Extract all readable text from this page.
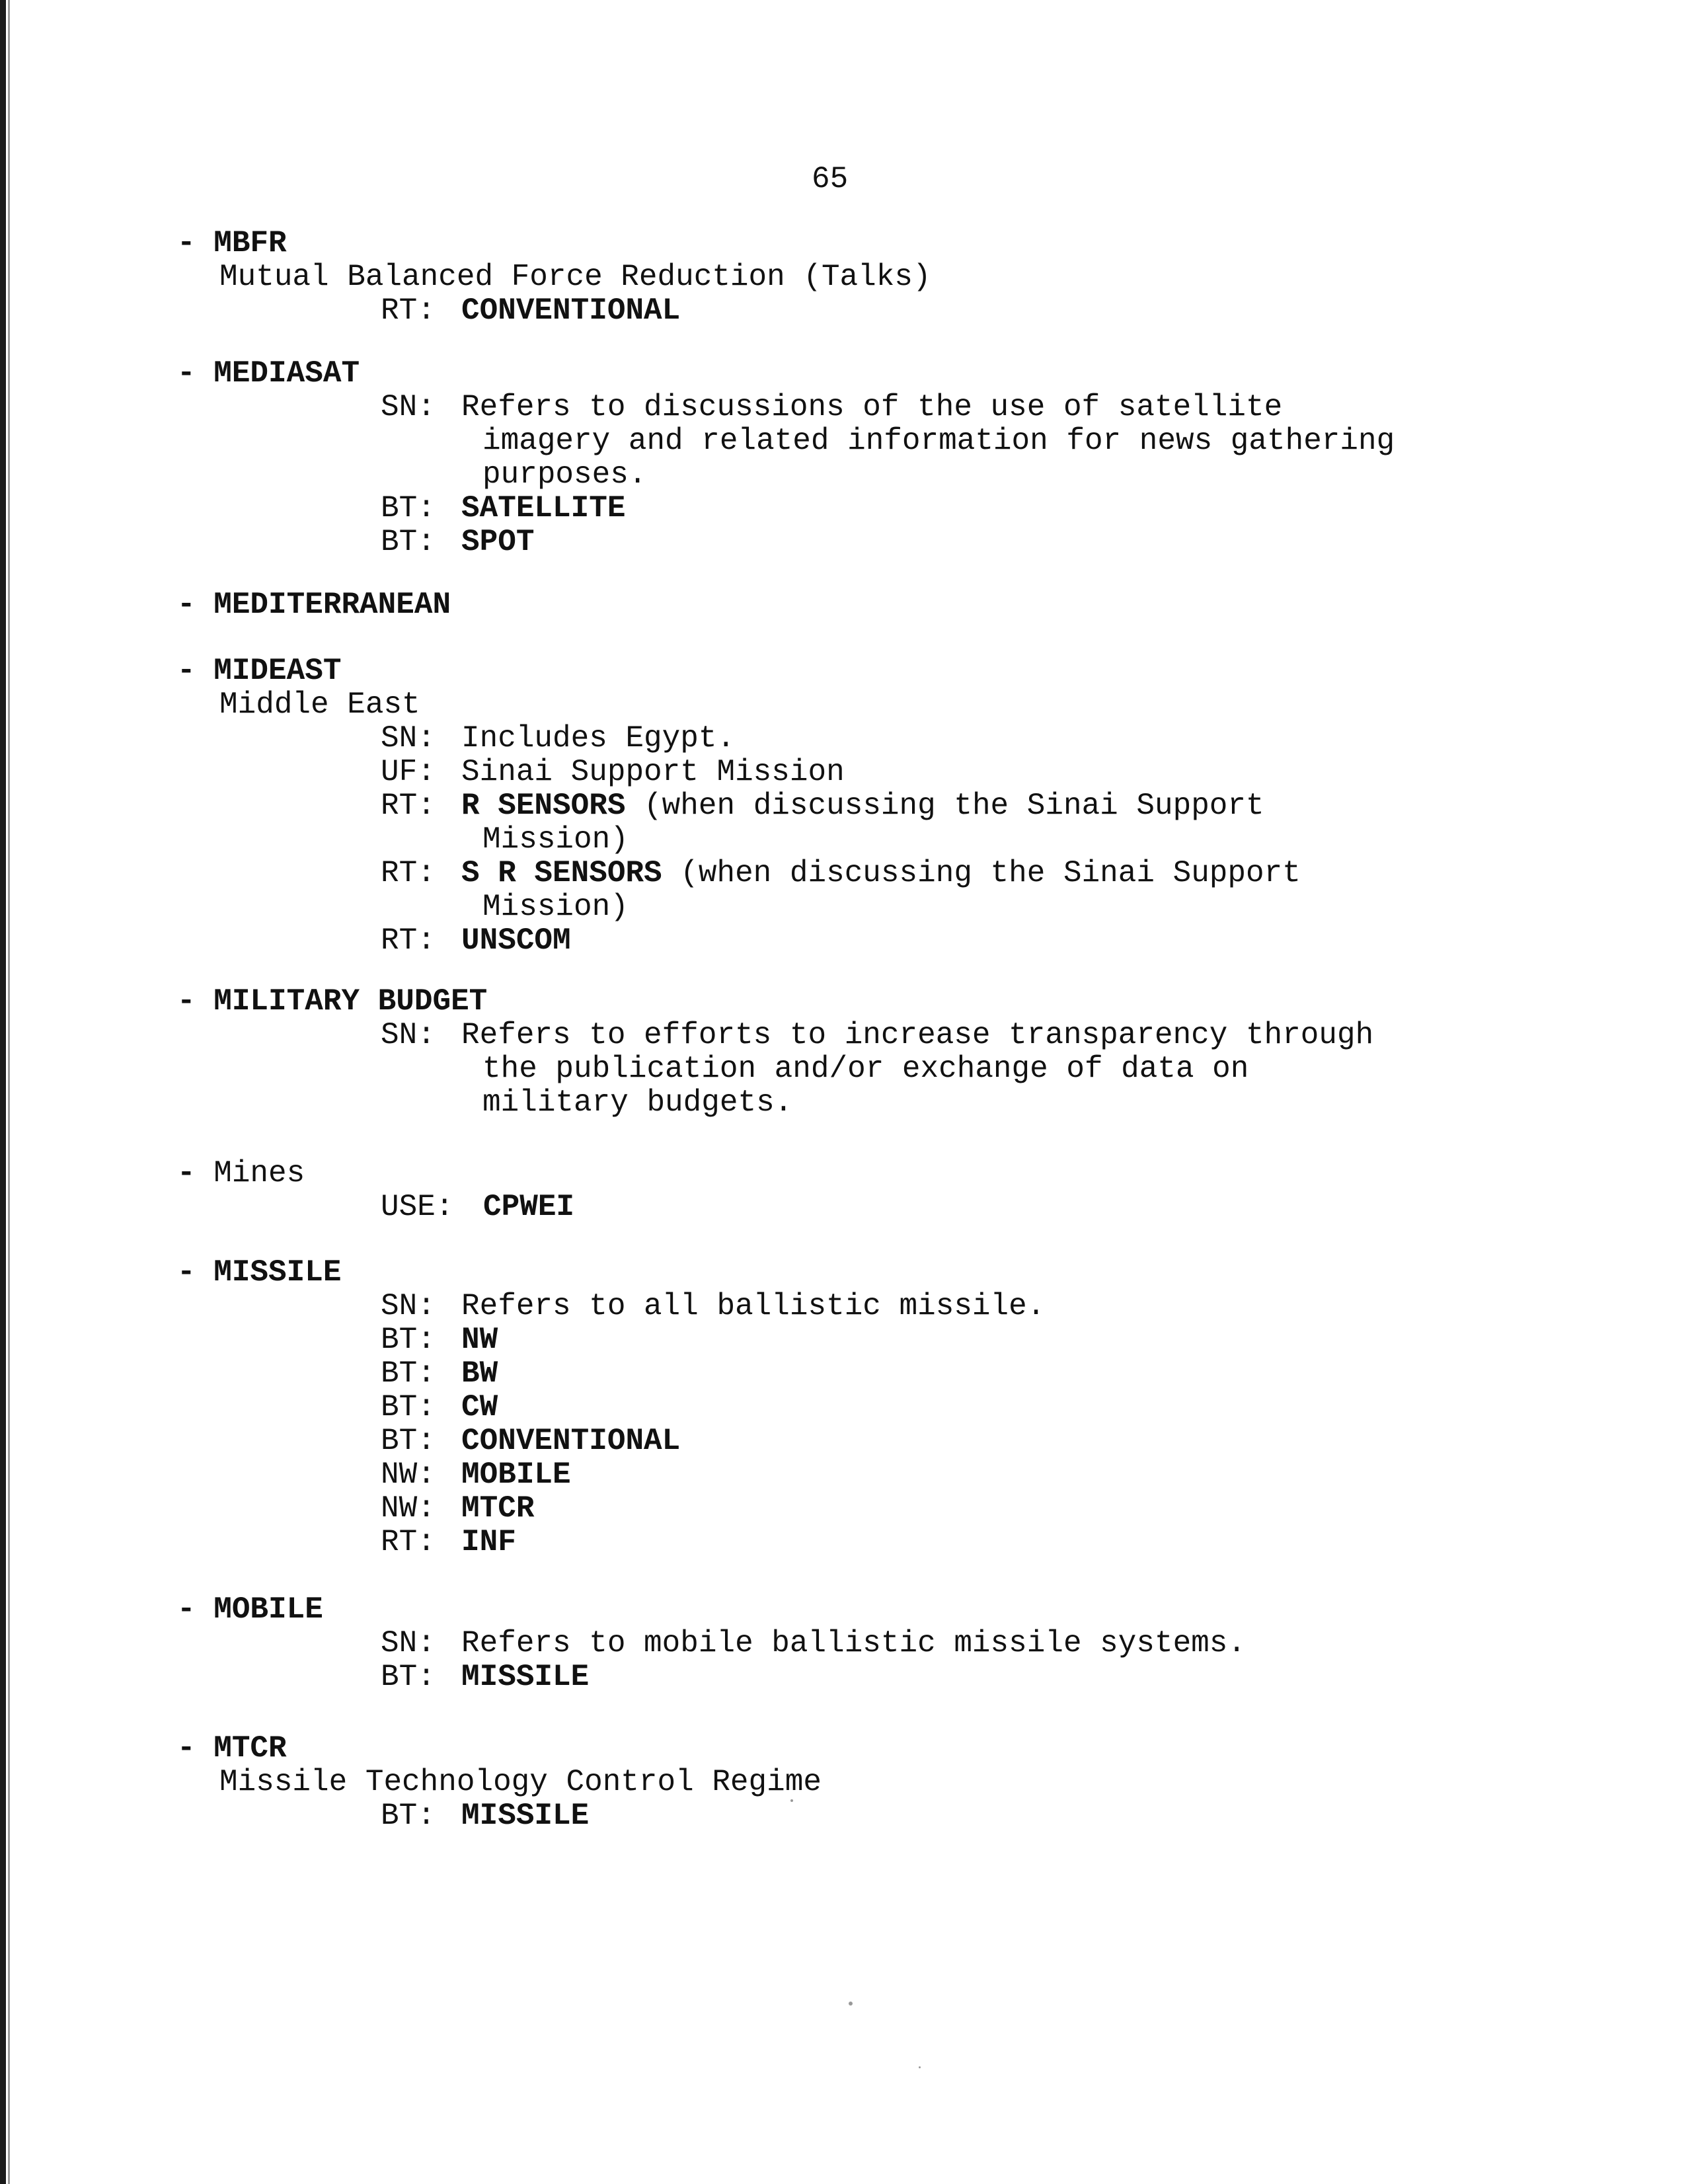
65
- MBFR
Mutual Balanced Force Reduction (Talks)
RT: CONVENTIONAL
- MEDIASAT
SN: Refers to discussions of the use of satellite
imagery and related information for news gathering
purposes.
BT: SATELLITE
BT: SPOT
- MEDITERRANEAN
- MIDEAST
Middle East
SN: Includes Egypt.
UF: Sinai Support Mission
RT: R SENSORS (when discussing the Sinai Support
Mission)
RT: S R SENSORS (when discussing the Sinai Support
Mission)
RT: UNSCOM
- MILITARY BUDGET
SN: Refers to efforts to increase transparency through
the publication and/or exchange of data on
military budgets.
- Mines
USE: CPWEI
- MISSILE
SN: Refers to all ballistic missile.
BT: NW
BT: BW
BT: CW
BT: CONVENTIONAL
NW: MOBILE
NW: MTCR
RT: INF
- MOBILE
SN: Refers to mobile ballistic missile systems.
BT: MISSILE
- MTCR
Missile Technology Control Regime
BT: MISSILE
